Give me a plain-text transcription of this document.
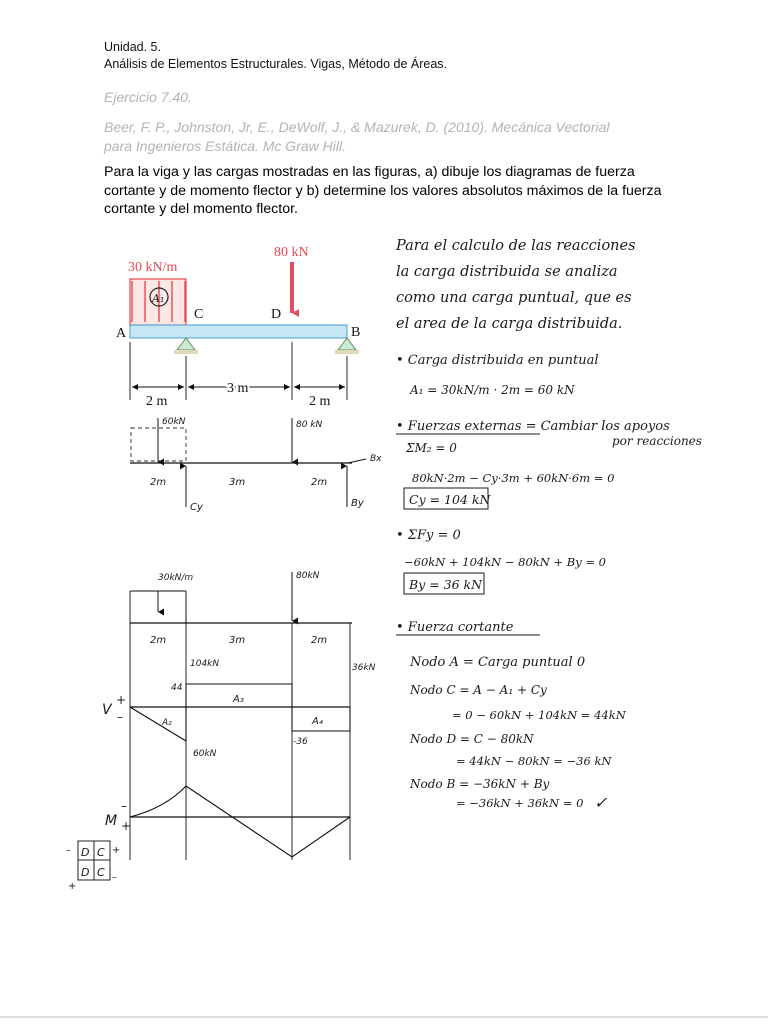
Unidad. 5.
Análisis de Elementos Estructurales. Vigas, Método de Áreas.
Ejercicio 7.40.
Beer, F. P., Johnston, Jr, E., DeWolf, J., & Mazurek, D. (2010). Mecánica Vectorial
para Ingenieros Estática. Mc Graw Hill.
Para la viga y las cargas mostradas en las figuras, a) dibuje los diagramas de fuerza cortante y de momento flector y b) determine los valores absolutos máximos de la fuerza cortante y del momento flector.
30 kN/m
A₁
80 kN
A
C	D
B
2 m
3 m
2 m
60kN	80 kN
Cy	By
Bx
2m	3m	2m
30kN/m	80kN
2m	3m	2m
104kN	36kN
44
-36
60kN
A₂
A₃
A₄
V
+
–
M
–
+
D C
D C
+
–
–
+
Para el calculo de las reacciones
la carga distribuida se analiza
como una carga puntual, que es
el area de la carga distribuida.
• Carga distribuida en puntual
A₁ = 30kN/m · 2m = 60 kN
• Fuerzas externas = Cambiar los apoyos
por reacciones
ΣM₂ = 0
80kN·2m − Cy·3m + 60kN·6m = 0
Cy = 104 kN
• ΣFy = 0
−60kN + 104kN − 80kN + By = 0
By = 36 kN
• Fuerza cortante
Nodo A = Carga puntual 0
Nodo C = A − A₁ + Cy
= 0 − 60kN + 104kN = 44kN
Nodo D = C − 80kN
= 44kN − 80kN = −36 kN
Nodo B = −36kN + By
= −36kN + 36kN = 0 ✓
